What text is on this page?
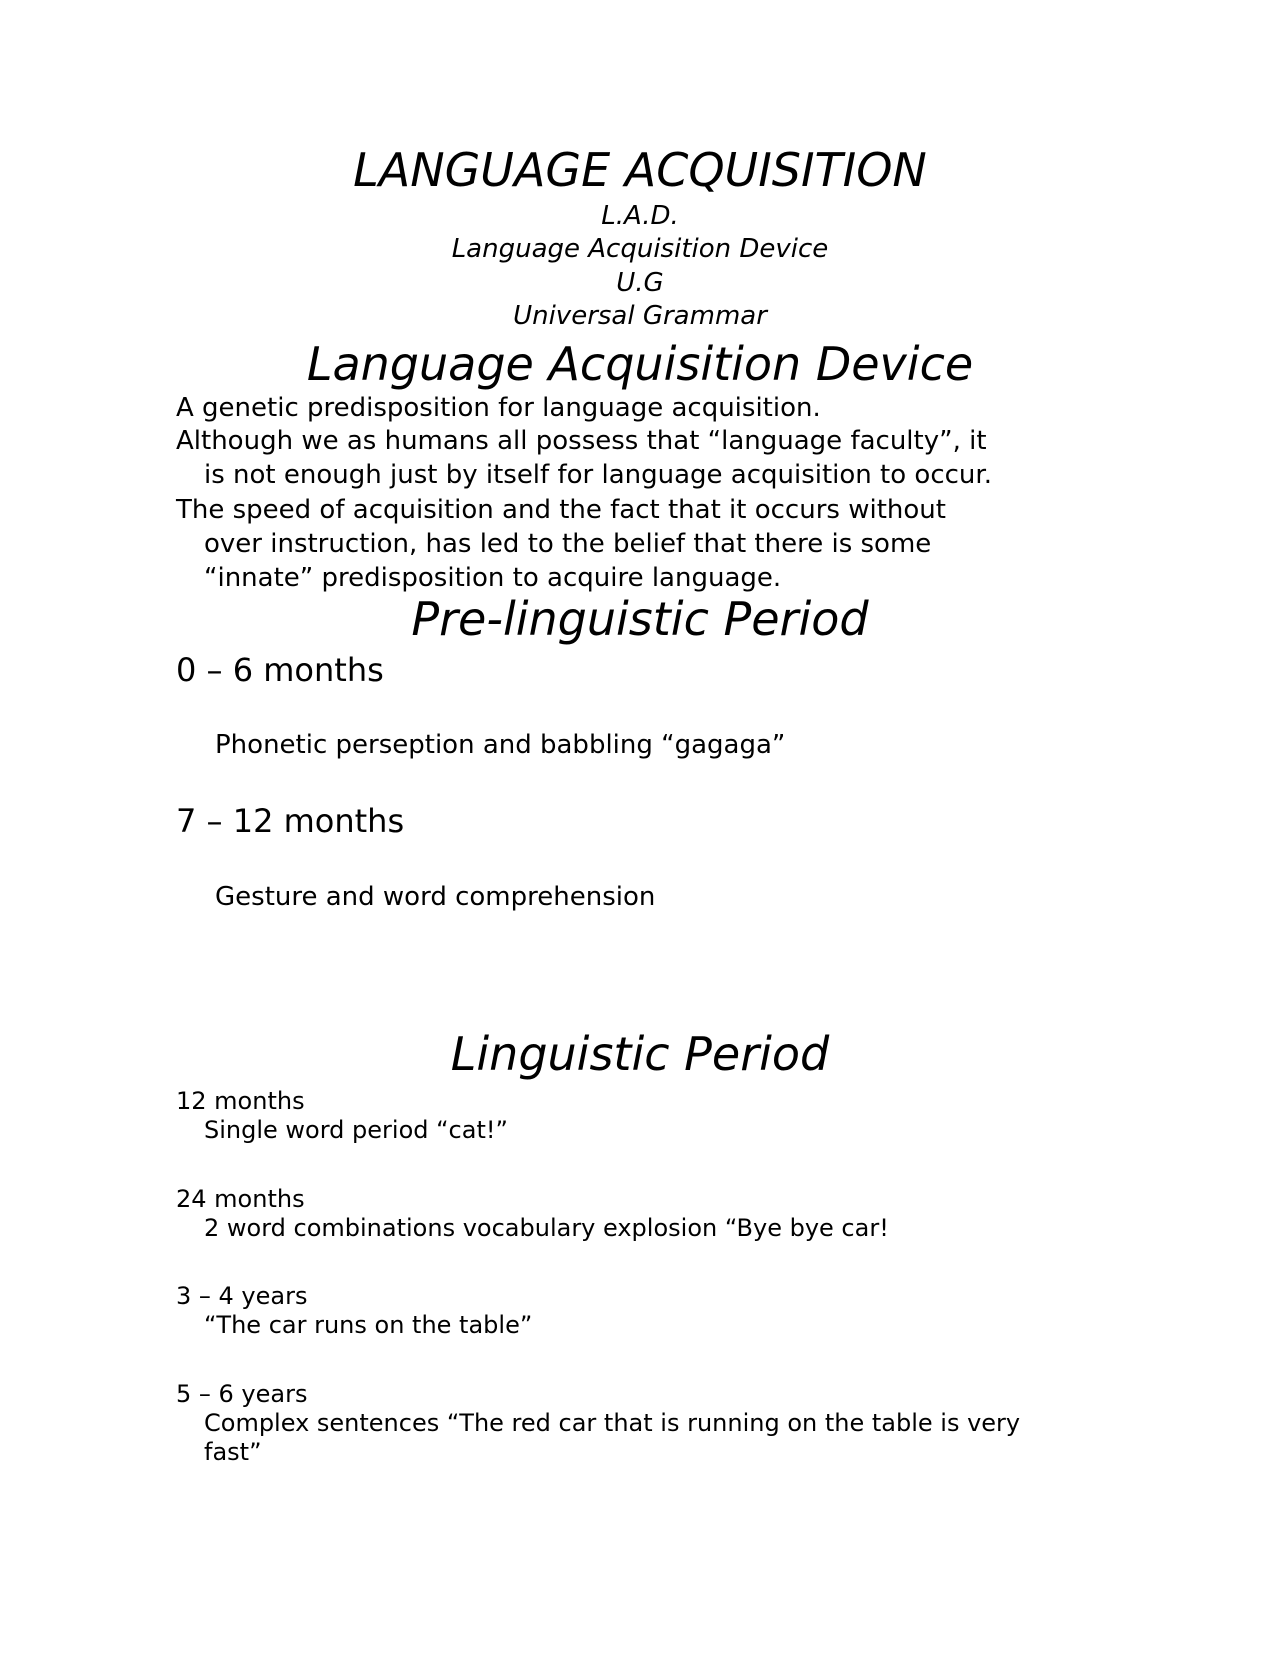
LANGUAGE ACQUISITION
L.A.D.
Language Acquisition Device
U.G
Universal Grammar
Language Acquisition Device
A genetic predisposition for language acquisition.
Although we as humans all possess that “language faculty”, it
is not enough just by itself for language acquisition to occur.
The speed of acquisition and the fact that it occurs without
over instruction, has led to the belief that there is some
“innate” predisposition to acquire language.
Pre-linguistic Period
0 – 6 months
Phonetic perseption and babbling “gagaga”
7 – 12 months
Gesture and word comprehension
Linguistic Period
12 months
Single word period “cat!”
24 months
2 word combinations vocabulary explosion “Bye bye car!
3 – 4 years
“The car runs on the table”
5 – 6 years
Complex sentences “The red car that is running on the table is very
fast”
